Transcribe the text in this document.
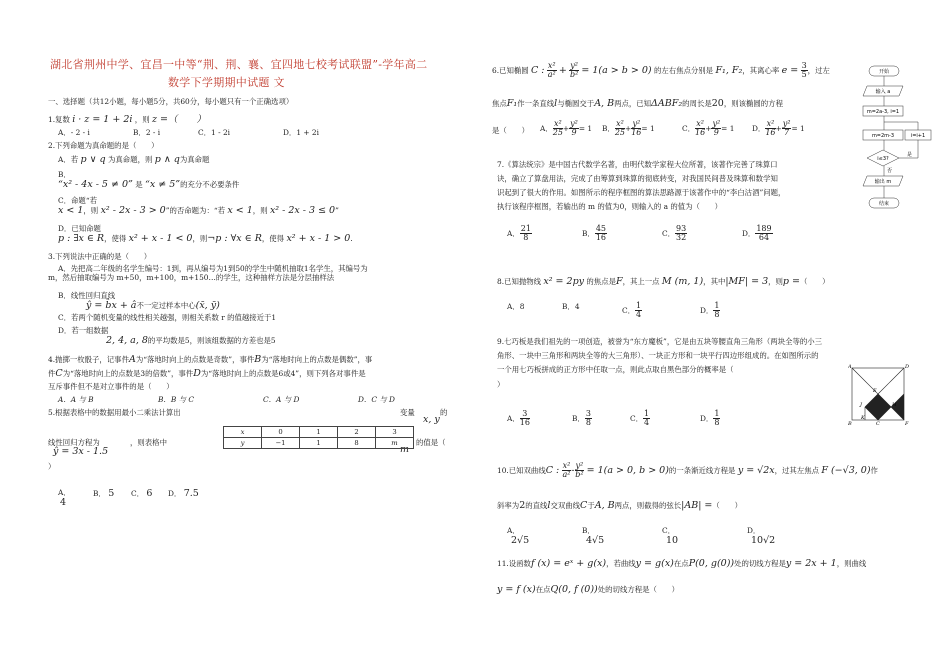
湖北省荆州中学、宜昌一中等“荆、荆、襄、宜四地七校考试联盟”-学年高二
数学下学期期中试题 文
一、选择题（共12小题，每小题5分，共60分，每小题只有一个正确选项）
1.复数 i · z = 1 + 2i ，则 z =（　　）
A．- 2 - i	B．2 - i	C．1 - 2i	D．1 + 2i
2.下列命题为真命题的是（　　）
A．若 p ∨ q 为真命题，则 p ∧ q为真命题
B．
“x² - 4x - 5 ≠ 0” 是 “x ≠ 5”的充分不必要条件
C．命题“若
x < 1，则 x² - 2x - 3 > 0”的否命题为：“若 x < 1，则 x² - 2x - 3 ≤ 0”
D．已知命题
p : ∃x ∈ R，使得 x² + x - 1 < 0，则¬p : ∀x ∈ R，使得 x² + x - 1 > 0.
3.下列说法中正确的是（　　）
A．先把高二年级的名学生编号：1到，再从编号为1到50的学生中随机抽取1名学生，其编号为
m，然后抽取编号为 m+50，m+100，m+150…的学生，这种抽样方法是分层抽样法
B．线性回归直线
ŷ = b̂x + â不一定过样本中心(x̄, ȳ)
C．若两个随机变量的线性相关越强，则相关系数 r 的值越接近于1
D．若一组数据
2, 4, a, 8的平均数是5，则该组数据的方差也是5
4.抛掷一枚骰子，记事件A为“落地时向上的点数是奇数”，事件B为“落地时向上的点数是偶数”，事
件C为“落地时向上的点数是3的倍数”，事件D为“落地时向上的点数是6或4”，则下列各对事件是
互斥事件但不是对立事件的是（　　）
A．A 与 B	B．B 与 C	C．A 与 D	D．C 与 D
5.根据表格中的数据用最小二乘法计算出	变量
x, y
的
线性回归方程为
ŷ = 3x - 1.5
，则表格中
m
的值是（
）
x	0	1	2	3
y	−1	1	8	m
A．
4
B． 5 C． 6 D． 7.5
6.已知椭圆 C : $\frac{\text{x²}}{\text{a²}} + \frac{\text{y²}}{\text{b²}} = 1(a > b > 0)$ 的左右焦点分别是 F₁, F₂，其离心率 $e = \frac{3}{5}$ ，过左
焦点F₁作一条直线l与椭圆交于A, B两点，已知ΔABF₂的周长是20，则该椭圆的方程
是（　　） A． $\frac{\text{x²}}{25} + \frac{\text{y²}}{9} = 1$ B． $\frac{\text{x²}}{25} + \frac{\text{y²}}{16} = 1$	C． $\frac{\text{x²}}{16} + \frac{\text{y²}}{9} = 1$ D． $\frac{\text{x²}}{16} + \frac{\text{y²}}{7} = 1$
7.《算法统宗》是中国古代数学名著，由明代数学家程大位所著，该著作完善了珠算口
诀，确立了算盘用法，完成了由筹算到珠算的彻底转变，对我国民间普及珠算和数学知
识起到了很大的作用。如图所示的程序框图的算法思路源于该著作中的“李白沽酒”问题，
执行该程序框图，若输出的 m 的值为0，则输入的 a 的值为（　　）
A． $\frac{21}{8}$	B． $\frac{45}{16}$	C． $\frac{93}{32}$	D． $\frac{189}{64}$
8.已知抛物线 x² = 2py 的焦点是F，其上一点 M (m, 1)，其中|MF| = 3，则p =（　　）
A．8	B．4	C． $\frac{1}{4}$	D． $\frac{1}{8}$
9.七巧板是我们祖先的一项创造，被誉为“东方魔板”，它是由五块等腰直角三角形（两块全等的小三
角形、一块中三角形和两块全等的大三角形）、一块正方形和一块平行四边形组成的。在如图所示的
一个用七巧板拼成的正方形中任取一点，则此点取自黑色部分的概率是（
）
A． $\frac{3}{16}$	B． $\frac{3}{8}$	C． $\frac{1}{4}$	D． $\frac{1}{8}$
10.已知双曲线C : $\frac{\text{x²}}{\text{a²}} - \frac{\text{y²}}{\text{b²}} = 1(a > 0$, b > 0)的一条渐近线方程是 y = √2x，过其左焦点 F (−√3, 0)作
斜率为2的直线l交双曲线C于A, B两点，则截得的弦长|AB| =（　　）
A．
2√5
B．
4√5
C．
10
D．
10√2
11.设函数f (x) = eˣ + g(x)，若曲线y = g(x)在点P(0, g(0))处的切线方程是y = 2x + 1，则曲线
y = f (x)在点Q(0, f (0))处的切线方程是（　　）
开始
输入 a
m=2a-3, i=1
m=2m-3	i=i+1
i≤3?
是
否
输出 m
结束
A	D
B	C	F
E
H
J
K
